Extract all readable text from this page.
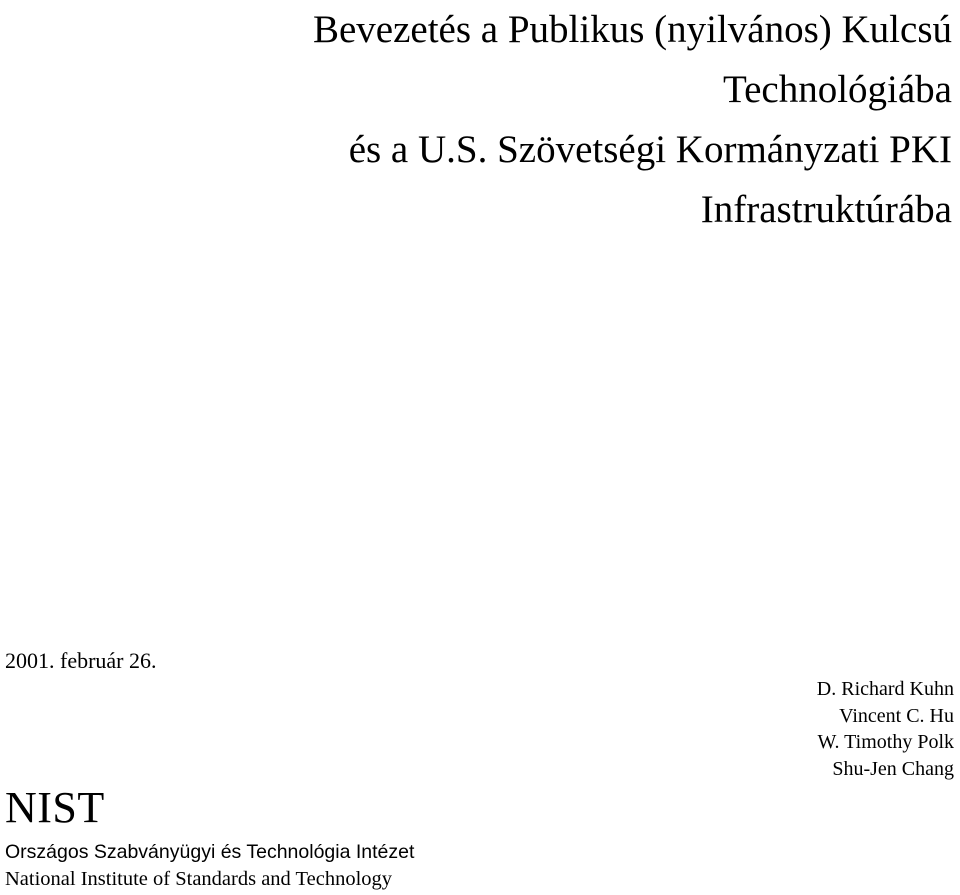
Bevezetés a Publikus (nyilvános) Kulcsú
Technológiába
és a U.S. Szövetségi Kormányzati PKI
Infrastruktúrába
2001. február 26.
D. Richard Kuhn
Vincent C. Hu
W. Timothy Polk
Shu-Jen Chang
NIST
Országos Szabványügyi és Technológia Intézet
National Institute of Standards and Technology
